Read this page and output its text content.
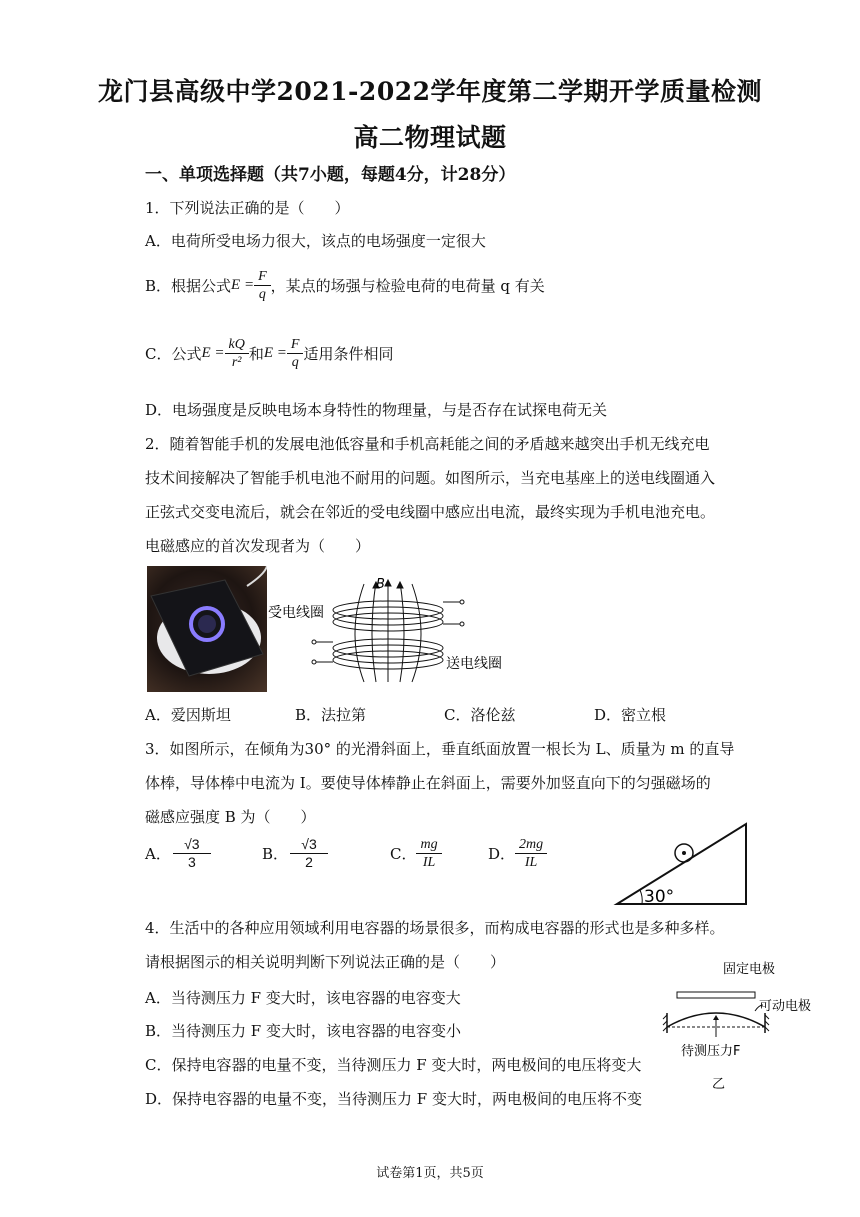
龙门县高级中学2021-2022学年度第二学期开学质量检测
高二物理试题
一、单项选择题（共7小题，每题4分，计28分）
1．下列说法正确的是（　　）
A．电荷所受电场力很大，该点的电场强度一定很大
B．根据公式 $E = \frac{F}{q}$ ，某点的场强与检验电荷的电荷量 q 有关
C．公式 $E = \frac{kQ}{\text{r²}}$ 和 $E = \frac{F}{q}$ 适用条件相同
D．电场强度是反映电场本身特性的物理量，与是否存在试探电荷无关
2．随着智能手机的发展电池低容量和手机高耗能之间的矛盾越来越突出手机无线充电
技术间接解决了智能手机电池不耐用的问题。如图所示，当充电基座上的送电线圈通入
正弦式交变电流后，就会在邻近的受电线圈中感应出电流，最终实现为手机电池充电。
电磁感应的首次发现者为（　　）
B
受电线圈
送电线圈
A．爱因斯坦	B．法拉第	C．洛伦兹	D．密立根
3．如图所示，在倾角为30° 的光滑斜面上，垂直纸面放置一根长为 L、质量为 m 的直导
体棒，导体棒中电流为 I。要使导体棒静止在斜面上，需要外加竖直向下的匀强磁场的
磁感应强度 B 为（　　）
A． $\frac{√3}{3}$	B． $\frac{√3}{2}$	C． $\frac{mg}{IL}$	D． $\frac{2mg}{IL}$
30°
4．生活中的各种应用领域利用电容器的场景很多，而构成电容器的形式也是多种多样。
请根据图示的相关说明判断下列说法正确的是（　　）
A．当待测压力 F 变大时，该电容器的电容变大
B．当待测压力 F 变大时，该电容器的电容变小
C．保持电容器的电量不变，当待测压力 F 变大时，两电极间的电压将变大
D．保持电容器的电量不变，当待测压力 F 变大时，两电极间的电压将不变
固定电极
可动电极
待测压力F
乙
试卷第1页，共5页
